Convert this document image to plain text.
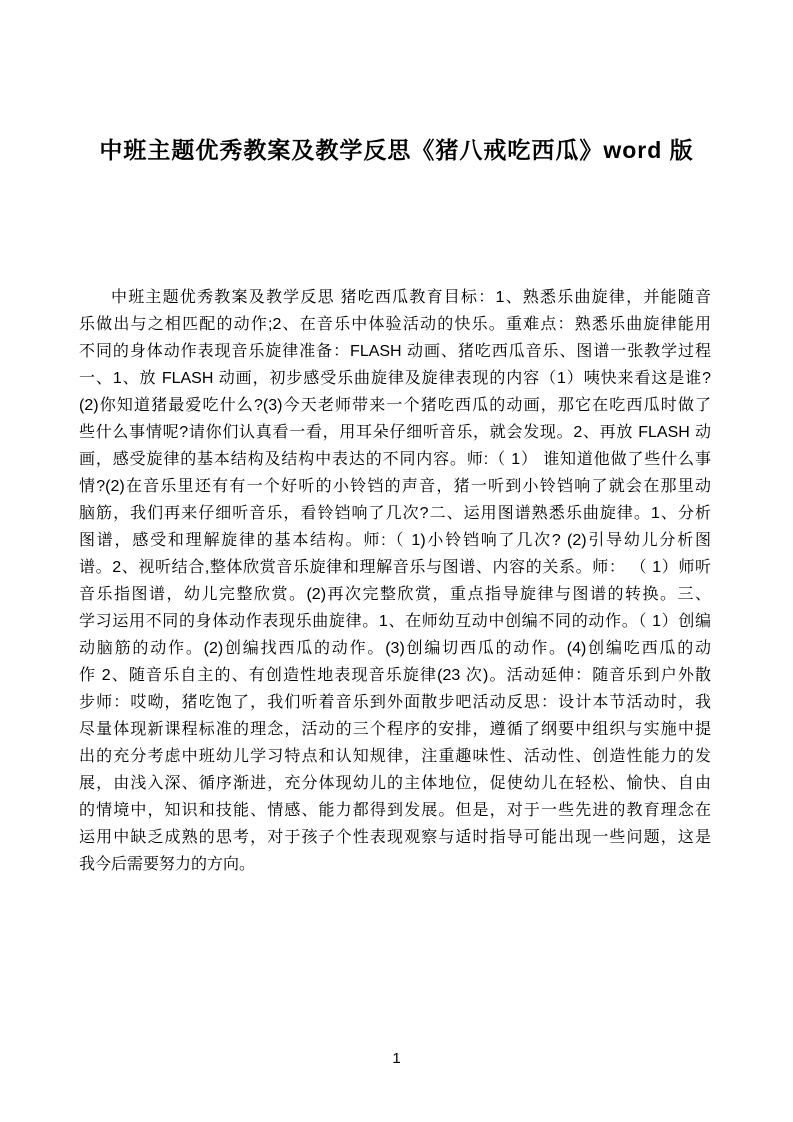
中班主题优秀教案及教学反思《猪八戒吃西瓜》word 版
中班主题优秀教案及教学反思 猪吃西瓜教育目标：1、熟悉乐曲旋律，并能随音
乐做出与之相匹配的动作;2、在音乐中体验活动的快乐。重难点：熟悉乐曲旋律能用
不同的身体动作表现音乐旋律准备：FLASH 动画、猪吃西瓜音乐、图谱一张教学过程
一、1、放 FLASH 动画，初步感受乐曲旋律及旋律表现的内容（1）咦快来看这是谁?
(2)你知道猪最爱吃什么?(3)今天老师带来一个猪吃西瓜的动画，那它在吃西瓜时做了
些什么事情呢?请你们认真看一看，用耳朵仔细听音乐，就会发现。2、再放 FLASH 动
画，感受旋律的基本结构及结构中表达的不同内容。师:（ 1） 谁知道他做了些什么事
情?(2)在音乐里还有有一个好听的小铃铛的声音，猪一听到小铃铛响了就会在那里动
脑筋，我们再来仔细听音乐，看铃铛响了几次?二、运用图谱熟悉乐曲旋律。1、分析
图谱，感受和理解旋律的基本结构。师:（ 1)小铃铛响了几次? (2)引导幼儿分析图
谱。2、视听结合,整体欣赏音乐旋律和理解音乐与图谱、内容的关系。师： （ 1）师听
音乐指图谱，幼儿完整欣赏。(2)再次完整欣赏，重点指导旋律与图谱的转换。三、
学习运用不同的身体动作表现乐曲旋律。1、在师幼互动中创编不同的动作。（ 1）创编
动脑筋的动作。(2)创编找西瓜的动作。(3)创编切西瓜的动作。(4)创编吃西瓜的动
作 2、随音乐自主的、有创造性地表现音乐旋律(23 次)。活动延伸：随音乐到户外散
步师：哎呦，猪吃饱了，我们听着音乐到外面散步吧活动反思：设计本节活动时，我
尽量体现新课程标准的理念，活动的三个程序的安排，遵循了纲要中组织与实施中提
出的充分考虑中班幼儿学习特点和认知规律，注重趣味性、活动性、创造性能力的发
展，由浅入深、循序渐进，充分体现幼儿的主体地位，促使幼儿在轻松、愉快、自由
的情境中，知识和技能、情感、能力都得到发展。但是，对于一些先进的教育理念在
运用中缺乏成熟的思考，对于孩子个性表现观察与适时指导可能出现一些问题，这是
我今后需要努力的方向。
1
